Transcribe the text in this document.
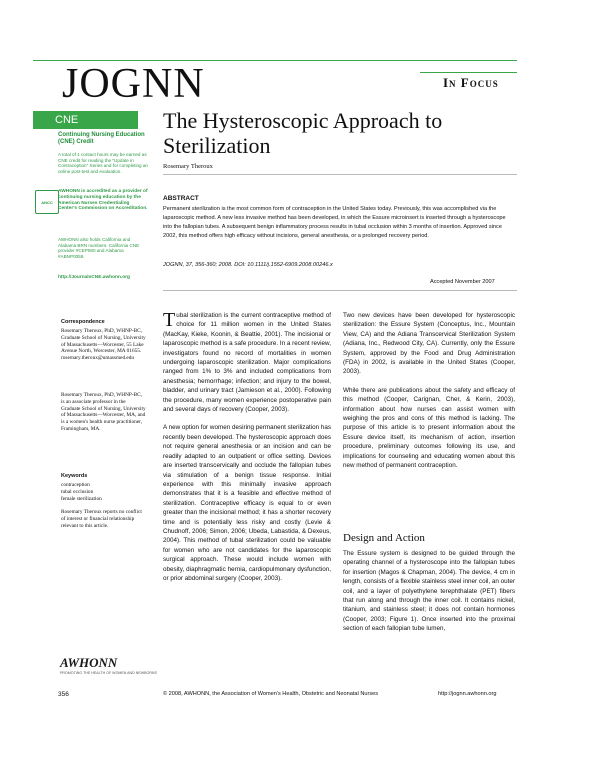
JOGNN	In Focus
CNE
Continuing Nursing Education (CNE) Credit
A total of 1 contact hours may be earned as CNE credit for reading the "Update in Contraception" Series and for completing an online post-test and evaluation.
ANCC
AWHONN is accredited as a provider of continuing nursing education by the American Nurses Credentialing Center's Commission on Accreditation.
AWHONN also holds California and Alabama BRN numbers. California CNE provider #CEP580 and Alabama #ABNP0058.
http://JournalsCNE.awhonn.org
The Hysteroscopic Approach to Sterilization
Rosemary Theroux
ABSTRACT
Permanent sterilization is the most common form of contraception in the United States today. Previously, this was accomplished via the laparoscopic method. A new less invasive method has been developed, in which the Essure microinsert is inserted through a hysteroscope into the fallopian tubes. A subsequent benign inflammatory process results in tubal occlusion within 3 months of insertion. Approved since 2002, this method offers high efficacy without incisions, general anesthesia, or a prolonged recovery period.
JOGNN, 37, 356-360; 2008. DOI: 10.1111/j.1552-6909.2008.00246.x
Accepted November 2007
Correspondence
Rosemary Theroux, PhD, WHNP-BC, Graduate School of Nursing, University of Massachusetts—Worcester, 55 Lake Avenue North, Worcester, MA 01655. rosemary.theroux@umassmed.edu
Rosemary Theroux, PhD, WHNP-BC, is an associate professor in the Graduate School of Nursing, University of Massachusetts—Worcester, MA, and is a women's health nurse practitioner, Framingham, MA.
Keywords
contraception
tubal occlusion
female sterilization
Rosemary Theroux reports no conflict of interest or financial relationship relevant to this article.

Tubal sterilization is the current contraceptive method of choice for 11 million women in the United States (MacKay, Kieke, Koonin, & Beattie, 2001). The incisional or laparoscopic method is a safe procedure. In a recent review, investigators found no record of mortalities in women undergoing laparoscopic sterilization. Major complications ranged from 1% to 3% and included complications from anesthesia; hemorrhage; infection; and injury to the bowel, bladder, and urinary tract (Jamieson et al., 2000). Following the procedure, many women experience postoperative pain and several days of recovery (Cooper, 2003).

A new option for women desiring permanent sterilization has recently been developed. The hysteroscopic approach does not require general anesthesia or an incision and can be readily adapted to an outpatient or office setting. Devices are inserted transcervically and occlude the fallopian tubes via stimulation of a benign tissue response. Initial experience with this minimally invasive approach demonstrates that it is a feasible and effective method of sterilization. Contraceptive efficacy is equal to or even greater than the incisional method; it has a shorter recovery time and is potentially less risky and costly (Levie & Chudnoff, 2006; Simon, 2006; Ubeda, Labastida, & Dexeus, 2004). This method of tubal sterilization could be valuable for women who are not candidates for the laparoscopic surgical approach. These would include women with obesity, diaphragmatic hernia, cardiopulmonary dysfunction, or prior abdominal surgery (Cooper, 2003).

Two new devices have been developed for hysteroscopic sterilization: the Essure System (Conceptus, Inc., Mountain View, CA) and the Adiana Transcervical Sterilization System (Adiana, Inc., Redwood City, CA). Currently, only the Essure System, approved by the Food and Drug Administration (FDA) in 2002, is available in the United States (Cooper, 2003).

While there are publications about the safety and efficacy of this method (Cooper, Carignan, Cher, & Kerin, 2003), information about how nurses can assist women with weighing the pros and cons of this method is lacking. The purpose of this article is to present information about the Essure device itself, its mechanism of action, insertion procedure, preliminary outcomes following its use, and implications for counseling and educating women about this new method of permanent contraception.

Design and Action

The Essure system is designed to be guided through the operating channel of a hysteroscope into the fallopian tubes for insertion (Magos & Chapman, 2004). The device, 4 cm in length, consists of a flexible stainless steel inner coil, an outer coil, and a layer of polyethylene terephthalate (PET) fibers that run along and through the inner coil. It contains nickel, titanium, and stainless steel; it does not contain hormones (Cooper, 2003; Figure 1). Once inserted into the proximal section of each fallopian tube lumen,

AWHONN
PROMOTING THE HEALTH OF WOMEN AND NEWBORNS
356	© 2008, AWHONN, the Association of Women's Health, Obstetric and Neonatal Nurses	http://jognn.awhonn.org
